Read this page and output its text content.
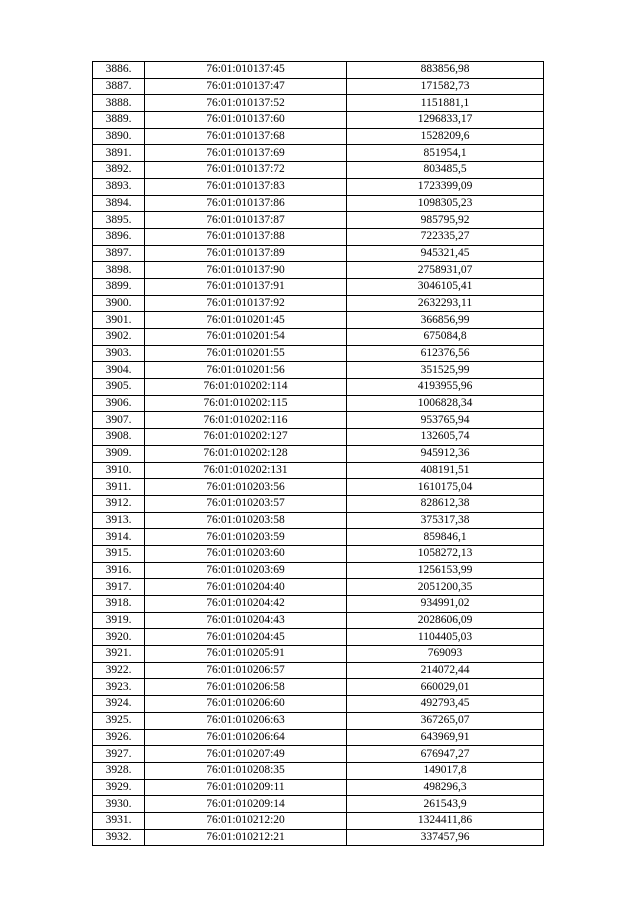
3886.	76:01:010137:45	883856,98
3887.	76:01:010137:47	171582,73
3888.	76:01:010137:52	1151881,1
3889.	76:01:010137:60	1296833,17
3890.	76:01:010137:68	1528209,6
3891.	76:01:010137:69	851954,1
3892.	76:01:010137:72	803485,5
3893.	76:01:010137:83	1723399,09
3894.	76:01:010137:86	1098305,23
3895.	76:01:010137:87	985795,92
3896.	76:01:010137:88	722335,27
3897.	76:01:010137:89	945321,45
3898.	76:01:010137:90	2758931,07
3899.	76:01:010137:91	3046105,41
3900.	76:01:010137:92	2632293,11
3901.	76:01:010201:45	366856,99
3902.	76:01:010201:54	675084,8
3903.	76:01:010201:55	612376,56
3904.	76:01:010201:56	351525,99
3905.	76:01:010202:114	4193955,96
3906.	76:01:010202:115	1006828,34
3907.	76:01:010202:116	953765,94
3908.	76:01:010202:127	132605,74
3909.	76:01:010202:128	945912,36
3910.	76:01:010202:131	408191,51
3911.	76:01:010203:56	1610175,04
3912.	76:01:010203:57	828612,38
3913.	76:01:010203:58	375317,38
3914.	76:01:010203:59	859846,1
3915.	76:01:010203:60	1058272,13
3916.	76:01:010203:69	1256153,99
3917.	76:01:010204:40	2051200,35
3918.	76:01:010204:42	934991,02
3919.	76:01:010204:43	2028606,09
3920.	76:01:010204:45	1104405,03
3921.	76:01:010205:91	769093
3922.	76:01:010206:57	214072,44
3923.	76:01:010206:58	660029,01
3924.	76:01:010206:60	492793,45
3925.	76:01:010206:63	367265,07
3926.	76:01:010206:64	643969,91
3927.	76:01:010207:49	676947,27
3928.	76:01:010208:35	149017,8
3929.	76:01:010209:11	498296,3
3930.	76:01:010209:14	261543,9
3931.	76:01:010212:20	1324411,86
3932.	76:01:010212:21	337457,96
